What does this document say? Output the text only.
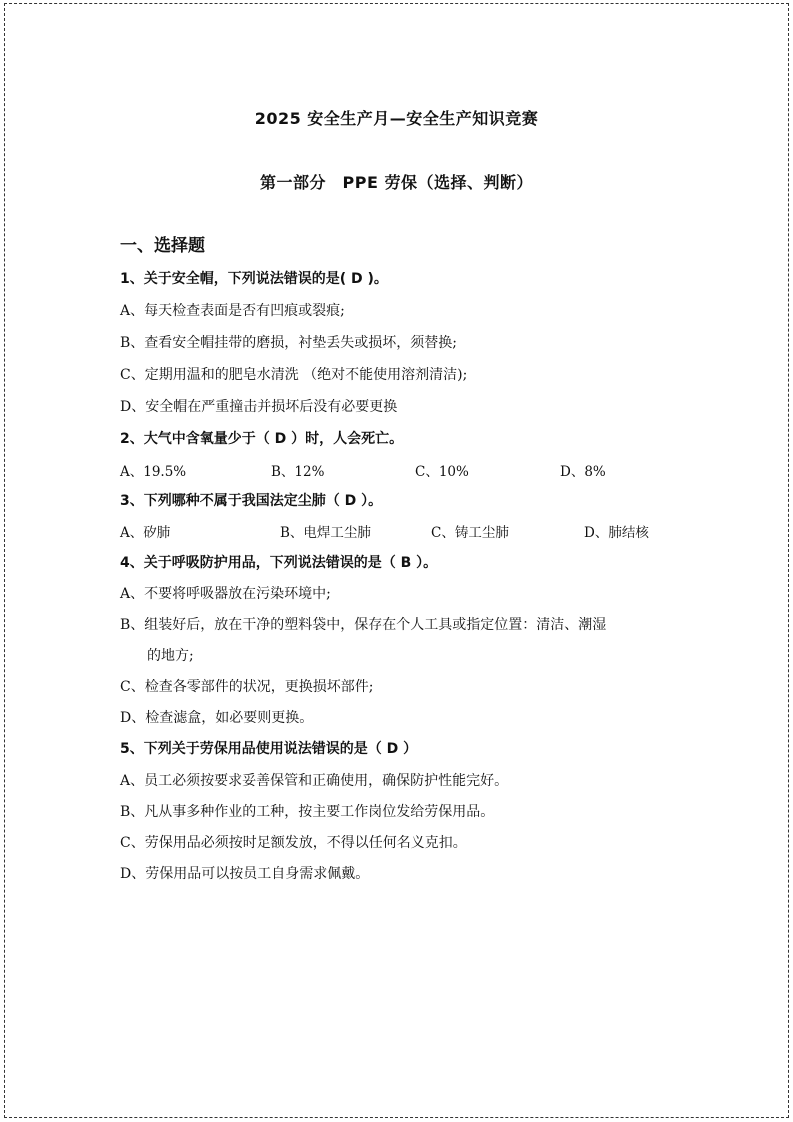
2025 安全生产月—安全生产知识竞赛
第一部分　PPE 劳保（选择、判断）
一、选择题
1、关于安全帽，下列说法错误的是( D )。
A、每天检查表面是否有凹痕或裂痕;
B、查看安全帽挂带的磨损，衬垫丢失或损坏，须替换;
C、定期用温和的肥皂水清洗 （绝对不能使用溶剂清洁);
D、安全帽在严重撞击并损坏后没有必要更换
2、大气中含氧量少于（ D ）时，人会死亡。
A、19.5%	B、12%	C、10%	D、8%
3、下列哪种不属于我国法定尘肺（ D ）。
A、矽肺	B、电焊工尘肺	C、铸工尘肺	D、肺结核
4、关于呼吸防护用品，下列说法错误的是（ B ）。
A、不要将呼吸器放在污染环境中;
B、组装好后，放在干净的塑料袋中，保存在个人工具或指定位置：清洁、潮湿
的地方;
C、检查各零部件的状况，更换损坏部件;
D、检查滤盒，如必要则更换。
5、下列关于劳保用品使用说法错误的是（ D ）
A、员工必须按要求妥善保管和正确使用，确保防护性能完好。
B、凡从事多种作业的工种，按主要工作岗位发给劳保用品。
C、劳保用品必须按时足额发放，不得以任何名义克扣。
D、劳保用品可以按员工自身需求佩戴。
